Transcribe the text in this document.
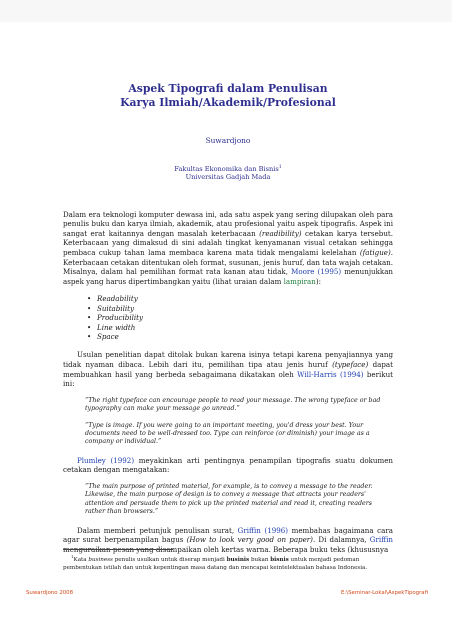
Aspek Tipografi dalam Penulisan
Karya Ilmiah/Akademik/Profesional

Suwardjono

Fakultas Ekonomika dan Bisnis$^1$
Universitas Gadjah Mada

Dalam era teknologi komputer dewasa ini, ada satu aspek yang sering dilupakan oleh para penulis buku dan karya ilmiah, akademik, atau profesional yaitu aspek tipografis. Aspek ini sangat erat kaitannya dengan masalah keterbacaan (readibility) cetakan karya tersebut. Keterbacaan yang dimaksud di sini adalah tingkat kenyamanan visual cetakan sehingga pembaca cukup tahan lama membaca karena mata tidak mengalami kelelahan (fatigue). Keterbacaan cetakan ditentukan oleh format, susunan, jenis huruf, dan tata wajah cetakan. Misalnya, dalam hal pemilihan format rata kanan atau tidak, Moore (1995) menunjukkan aspek yang harus dipertimbangkan yaitu (lihat uraian dalam lampiran):

• Readability
• Suitability
• Producibility
• Line width
• Space

Usulan penelitian dapat ditolak bukan karena isinya tetapi karena penyajiannya yang tidak nyaman dibaca. Lebih dari itu, pemilihan tipa atau jenis huruf (typeface) dapat membuahkan hasil yang berbeda sebagaimana dikatakan oleh Will-Harris (1994) berikut ini:

“The right typeface can encourage people to read your message. The wrong typeface or bad typography can make your message go unread.”

“Type is image. If you were going to an important meeting, you'd dress your best. Your documents need to be well-dressed too. Type can reinforce (or diminish) your image as a company or individual.”

Plumley (1992) meyakinkan arti pentingnya penampilan tipografis suatu dokumen cetakan dengan mengatakan:

“The main purpose of printed material, for example, is to convey a message to the reader. Likewise, the main purpose of design is to convey a message that attracts your readers' attention and persuade them to pick up the printed material and read it, creating readers rather than browsers.”

Dalam memberi petunjuk penulisan surat, Griffin (1996) membahas bagaimana cara agar surat berpenampilan bagus (How to look very good on paper). Di dalamnya, Griffin menguraikan pesan yang disampaikan oleh kertas warna. Beberapa buku teks (khususnya

$^1$Kata business penulis usulkan untuk diserap menjadi businis bukan bisnis untuk menjadi pedoman pembentukan istilah dan untuk kepentingan masa datang dan mencapai keintelektualan bahasa Indonesia.

Suwardjono 2008	E:\Seminar-Lokal\AspekTipografi
